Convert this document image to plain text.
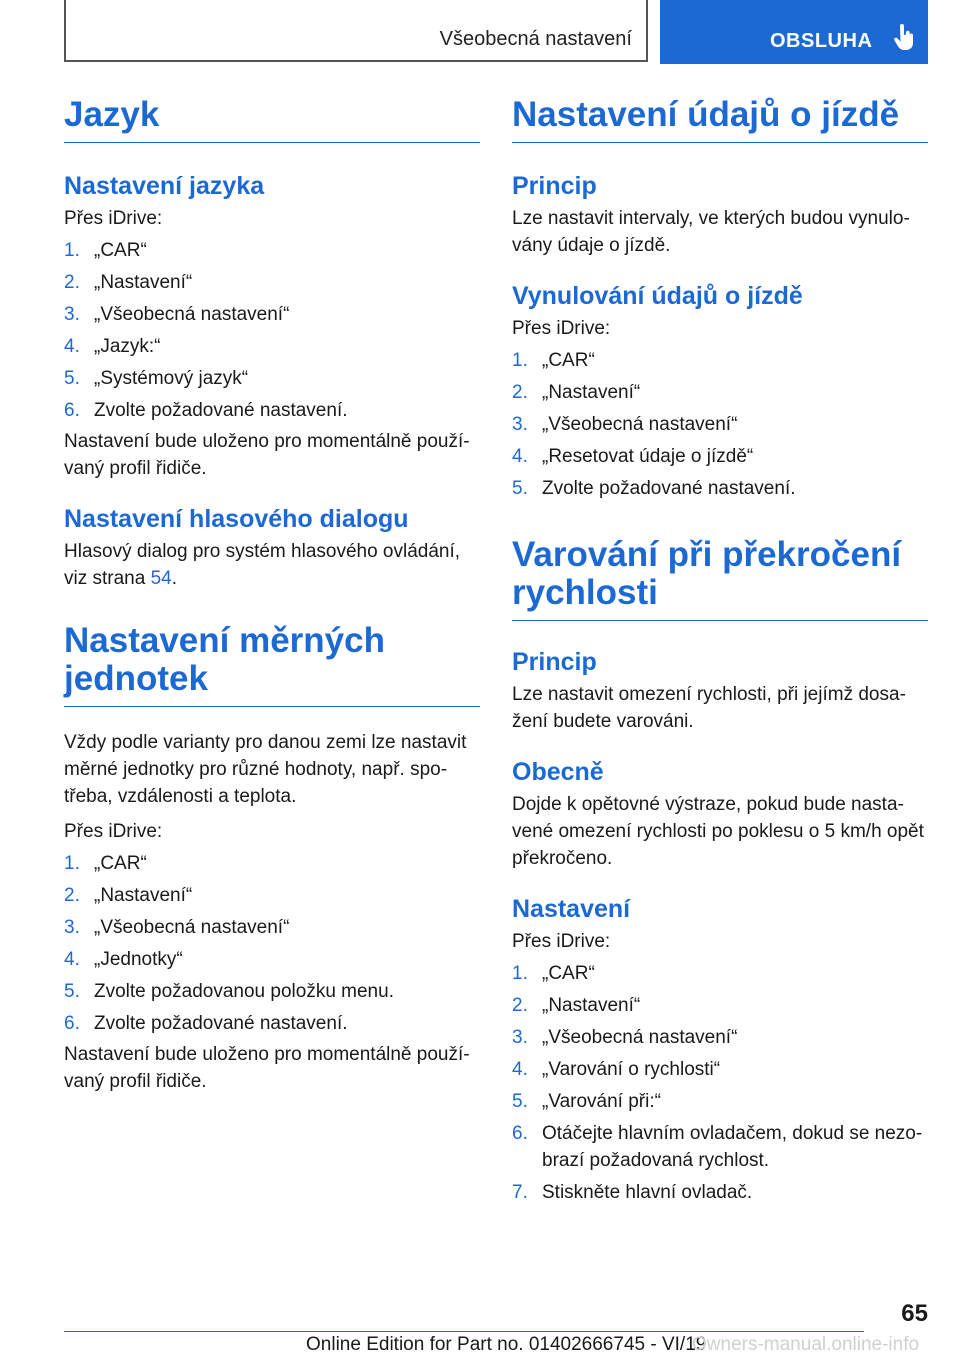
Všeobecná nastavení	OBSLUHA
Jazyk
Nastavení jazyka

Přes iDrive:

1. „CAR“
2. „Nastavení“
3. „Všeobecná nastavení“
4. „Jazyk:“
5. „Systémový jazyk“
6. Zvolte požadované nastavení.

Nastavení bude uloženo pro momentálně používaný profil řidiče.

Nastavení hlasového dialogu

Hlasový dialog pro systém hlasového ovládání, viz strana 54.

Nastavení měrných jednotek

Vždy podle varianty pro danou zemi lze nastavit měrné jednotky pro různé hodnoty, např. spotřeba, vzdálenosti a teplota.

Přes iDrive:

1. „CAR“
2. „Nastavení“
3. „Všeobecná nastavení“
4. „Jednotky“
5. Zvolte požadovanou položku menu.
6. Zvolte požadované nastavení.

Nastavení bude uloženo pro momentálně používaný profil řidiče.

Nastavení údajů o jízdě
Princip

Lze nastavit intervaly, ve kterých budou vynulovány údaje o jízdě.

Vynulování údajů o jízdě

Přes iDrive:

1. „CAR“
2. „Nastavení“
3. „Všeobecná nastavení“
4. „Resetovat údaje o jízdě“
5. Zvolte požadované nastavení.
Varování při překročení rychlosti
Princip

Lze nastavit omezení rychlosti, při jejímž dosažení budete varováni.

Obecně

Dojde k opětovné výstraze, pokud bude nastavené omezení rychlosti po poklesu o 5 km/h opět překročeno.

Nastavení

Přes iDrive:

1. „CAR“
2. „Nastavení“
3. „Všeobecná nastavení“
4. „Varování o rychlosti“
5. „Varování při:“
6. Otáčejte hlavním ovladačem, dokud se nezobrazí požadovaná rychlost.
7. Stiskněte hlavní ovladač.
65
Online Edition for Part no. 01402666745 - VI/19
Owners-manual.online-info
